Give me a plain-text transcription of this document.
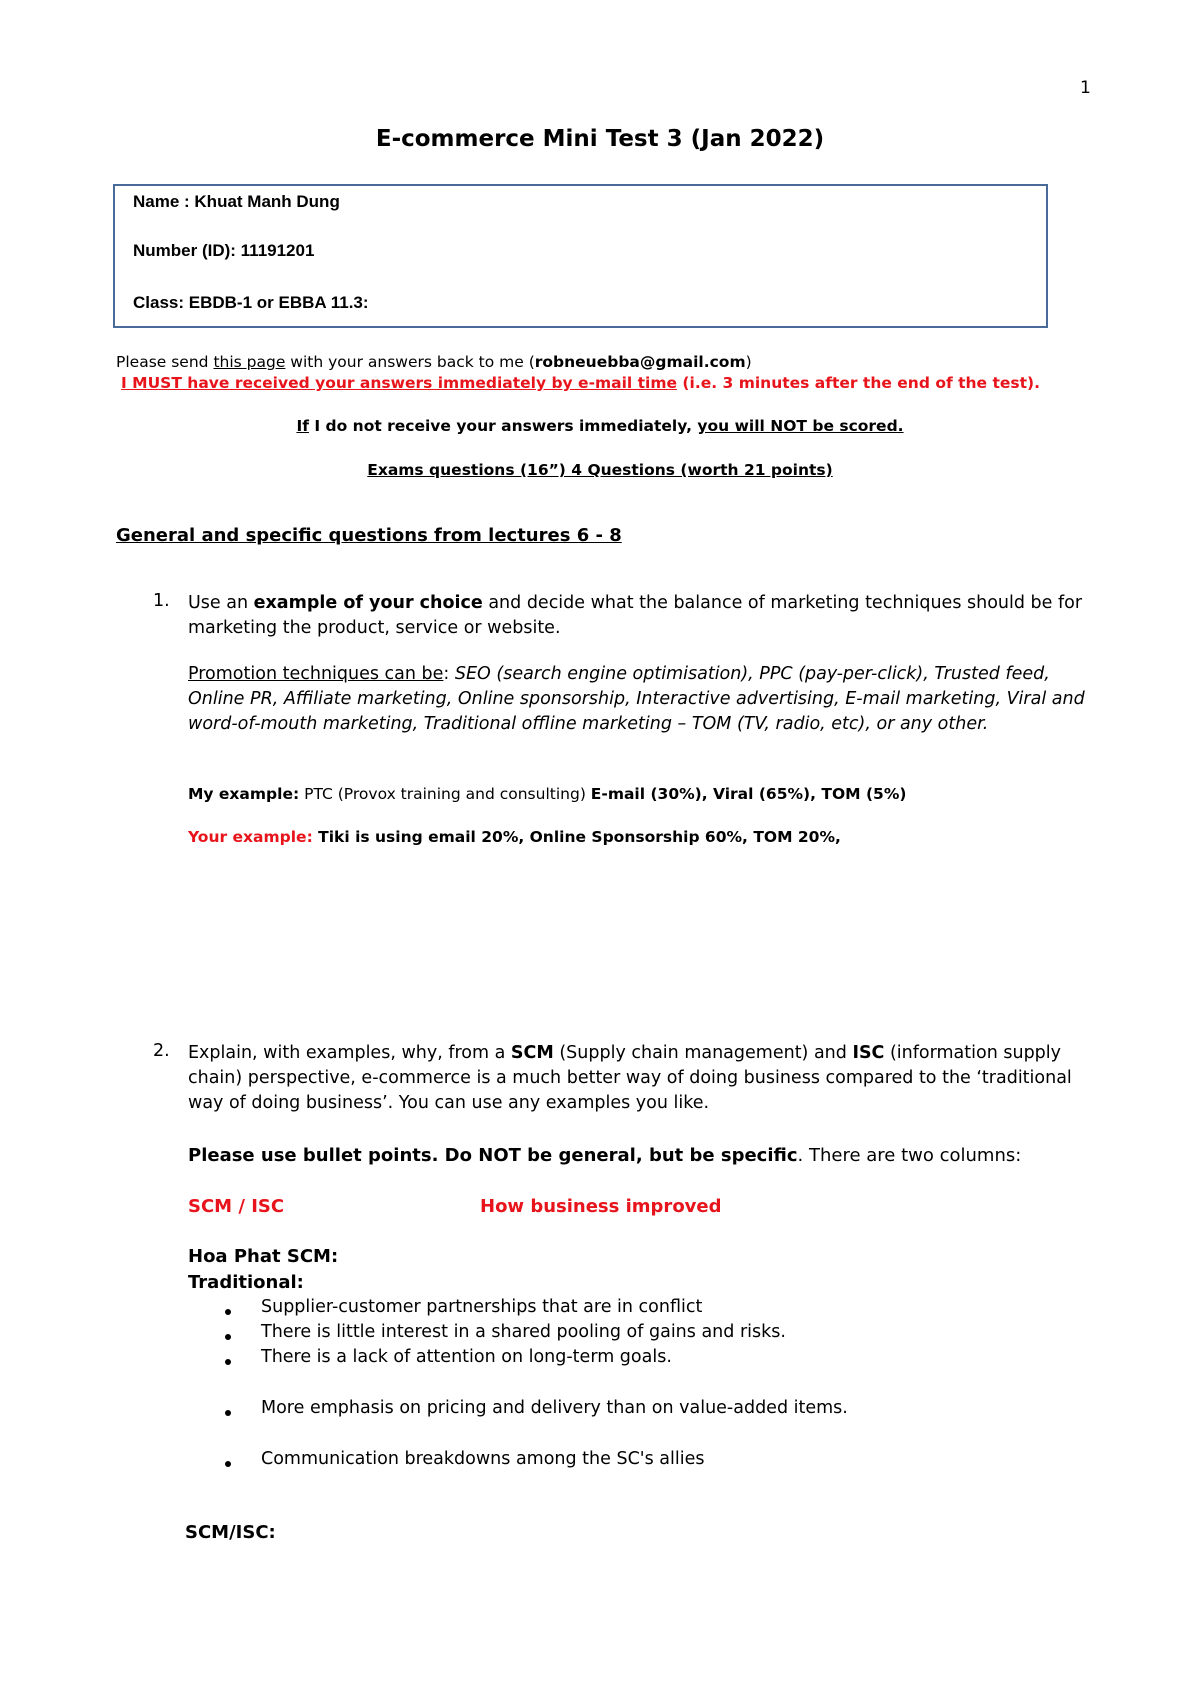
1
E-commerce Mini Test 3 (Jan 2022)
Name : Khuat Manh Dung
Number (ID): 11191201
Class: EBDB-1 or EBBA 11.3:
Please send this page with your answers back to me (robneuebba@gmail.com)
I MUST have received your answers immediately by e-mail time (i.e. 3 minutes after the end of the test).
If I do not receive your answers immediately, you will NOT be scored.
Exams questions (16”) 4 Questions (worth 21 points)
General and specific questions from lectures 6 - 8
1. Use an example of your choice and decide what the balance of marketing techniques should be for marketing the product, service or website.
Promotion techniques can be: SEO (search engine optimisation), PPC (pay-per-click), Trusted feed, Online PR, Affiliate marketing, Online sponsorship, Interactive advertising, E-mail marketing, Viral and word-of-mouth marketing, Traditional offline marketing – TOM (TV, radio, etc), or any other.
My example: PTC (Provox training and consulting) E-mail (30%), Viral (65%), TOM (5%)
Your example: Tiki is using email 20%, Online Sponsorship 60%, TOM 20%,
2. Explain, with examples, why, from a SCM (Supply chain management) and ISC (information supply chain) perspective, e-commerce is a much better way of doing business compared to the ‘traditional way of doing business’. You can use any examples you like.
Please use bullet points. Do NOT be general, but be specific. There are two columns:
SCM / ISC	How business improved
Hoa Phat SCM:
Traditional:
Supplier-customer partnerships that are in conflict
There is little interest in a shared pooling of gains and risks.
There is a lack of attention on long-term goals.
More emphasis on pricing and delivery than on value-added items.
Communication breakdowns among the SC's allies
SCM/ISC:
